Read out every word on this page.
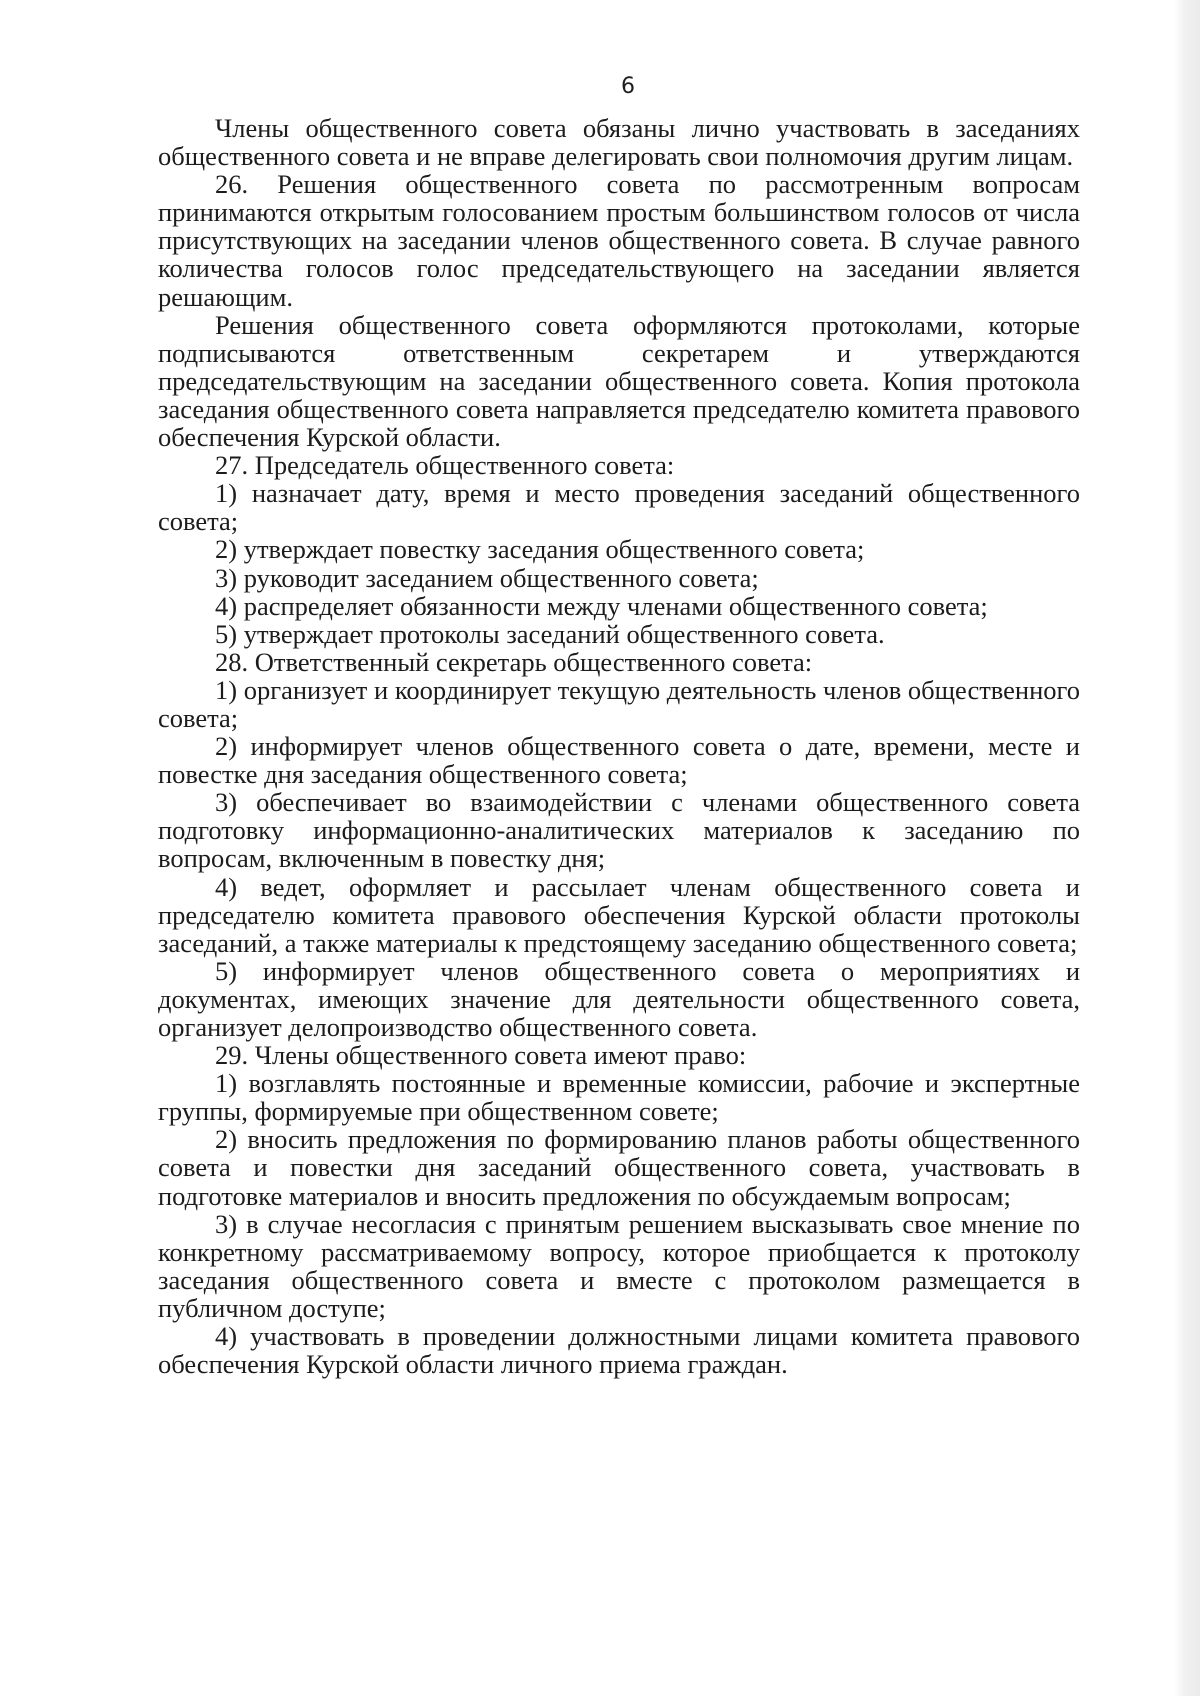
6

Члены общественного совета обязаны лично участвовать в заседаниях общественного совета и не вправе делегировать свои полномочия другим лицам.

26. Решения общественного совета по рассмотренным вопросам принимаются открытым голосованием простым большинством голосов от числа присутствующих на заседании членов общественного совета. В случае равного количества голосов голос председательствующего на заседании является решающим.

Решения общественного совета оформляются протоколами, которые подписываются ответственным секретарем и утверждаются председательствующим на заседании общественного совета. Копия протокола заседания общественного совета направляется председателю комитета правового обеспечения Курской области.

27. Председатель общественного совета:

1) назначает дату, время и место проведения заседаний общественного совета;

2) утверждает повестку заседания общественного совета;

3) руководит заседанием общественного совета;

4) распределяет обязанности между членами общественного совета;

5) утверждает протоколы заседаний общественного совета.

28. Ответственный секретарь общественного совета:

1) организует и координирует текущую деятельность членов общественного совета;

2) информирует членов общественного совета о дате, времени, месте и повестке дня заседания общественного совета;

3) обеспечивает во взаимодействии с членами общественного совета подготовку информационно-аналитических материалов к заседанию по вопросам, включенным в повестку дня;

4) ведет, оформляет и рассылает членам общественного совета и председателю комитета правового обеспечения Курской области протоколы заседаний, а также материалы к предстоящему заседанию общественного совета;

5) информирует членов общественного совета о мероприятиях и документах, имеющих значение для деятельности общественного совета, организует делопроизводство общественного совета.

29. Члены общественного совета имеют право:

1) возглавлять постоянные и временные комиссии, рабочие и экспертные группы, формируемые при общественном совете;

2) вносить предложения по формированию планов работы общественного совета и повестки дня заседаний общественного совета, участвовать в подготовке материалов и вносить предложения по обсуждаемым вопросам;

3) в случае несогласия с принятым решением высказывать свое мнение по конкретному рассматриваемому вопросу, которое приобщается к протоколу заседания общественного совета и вместе с протоколом размещается в публичном доступе;

4) участвовать в проведении должностными лицами комитета правового обеспечения Курской области личного приема граждан.
